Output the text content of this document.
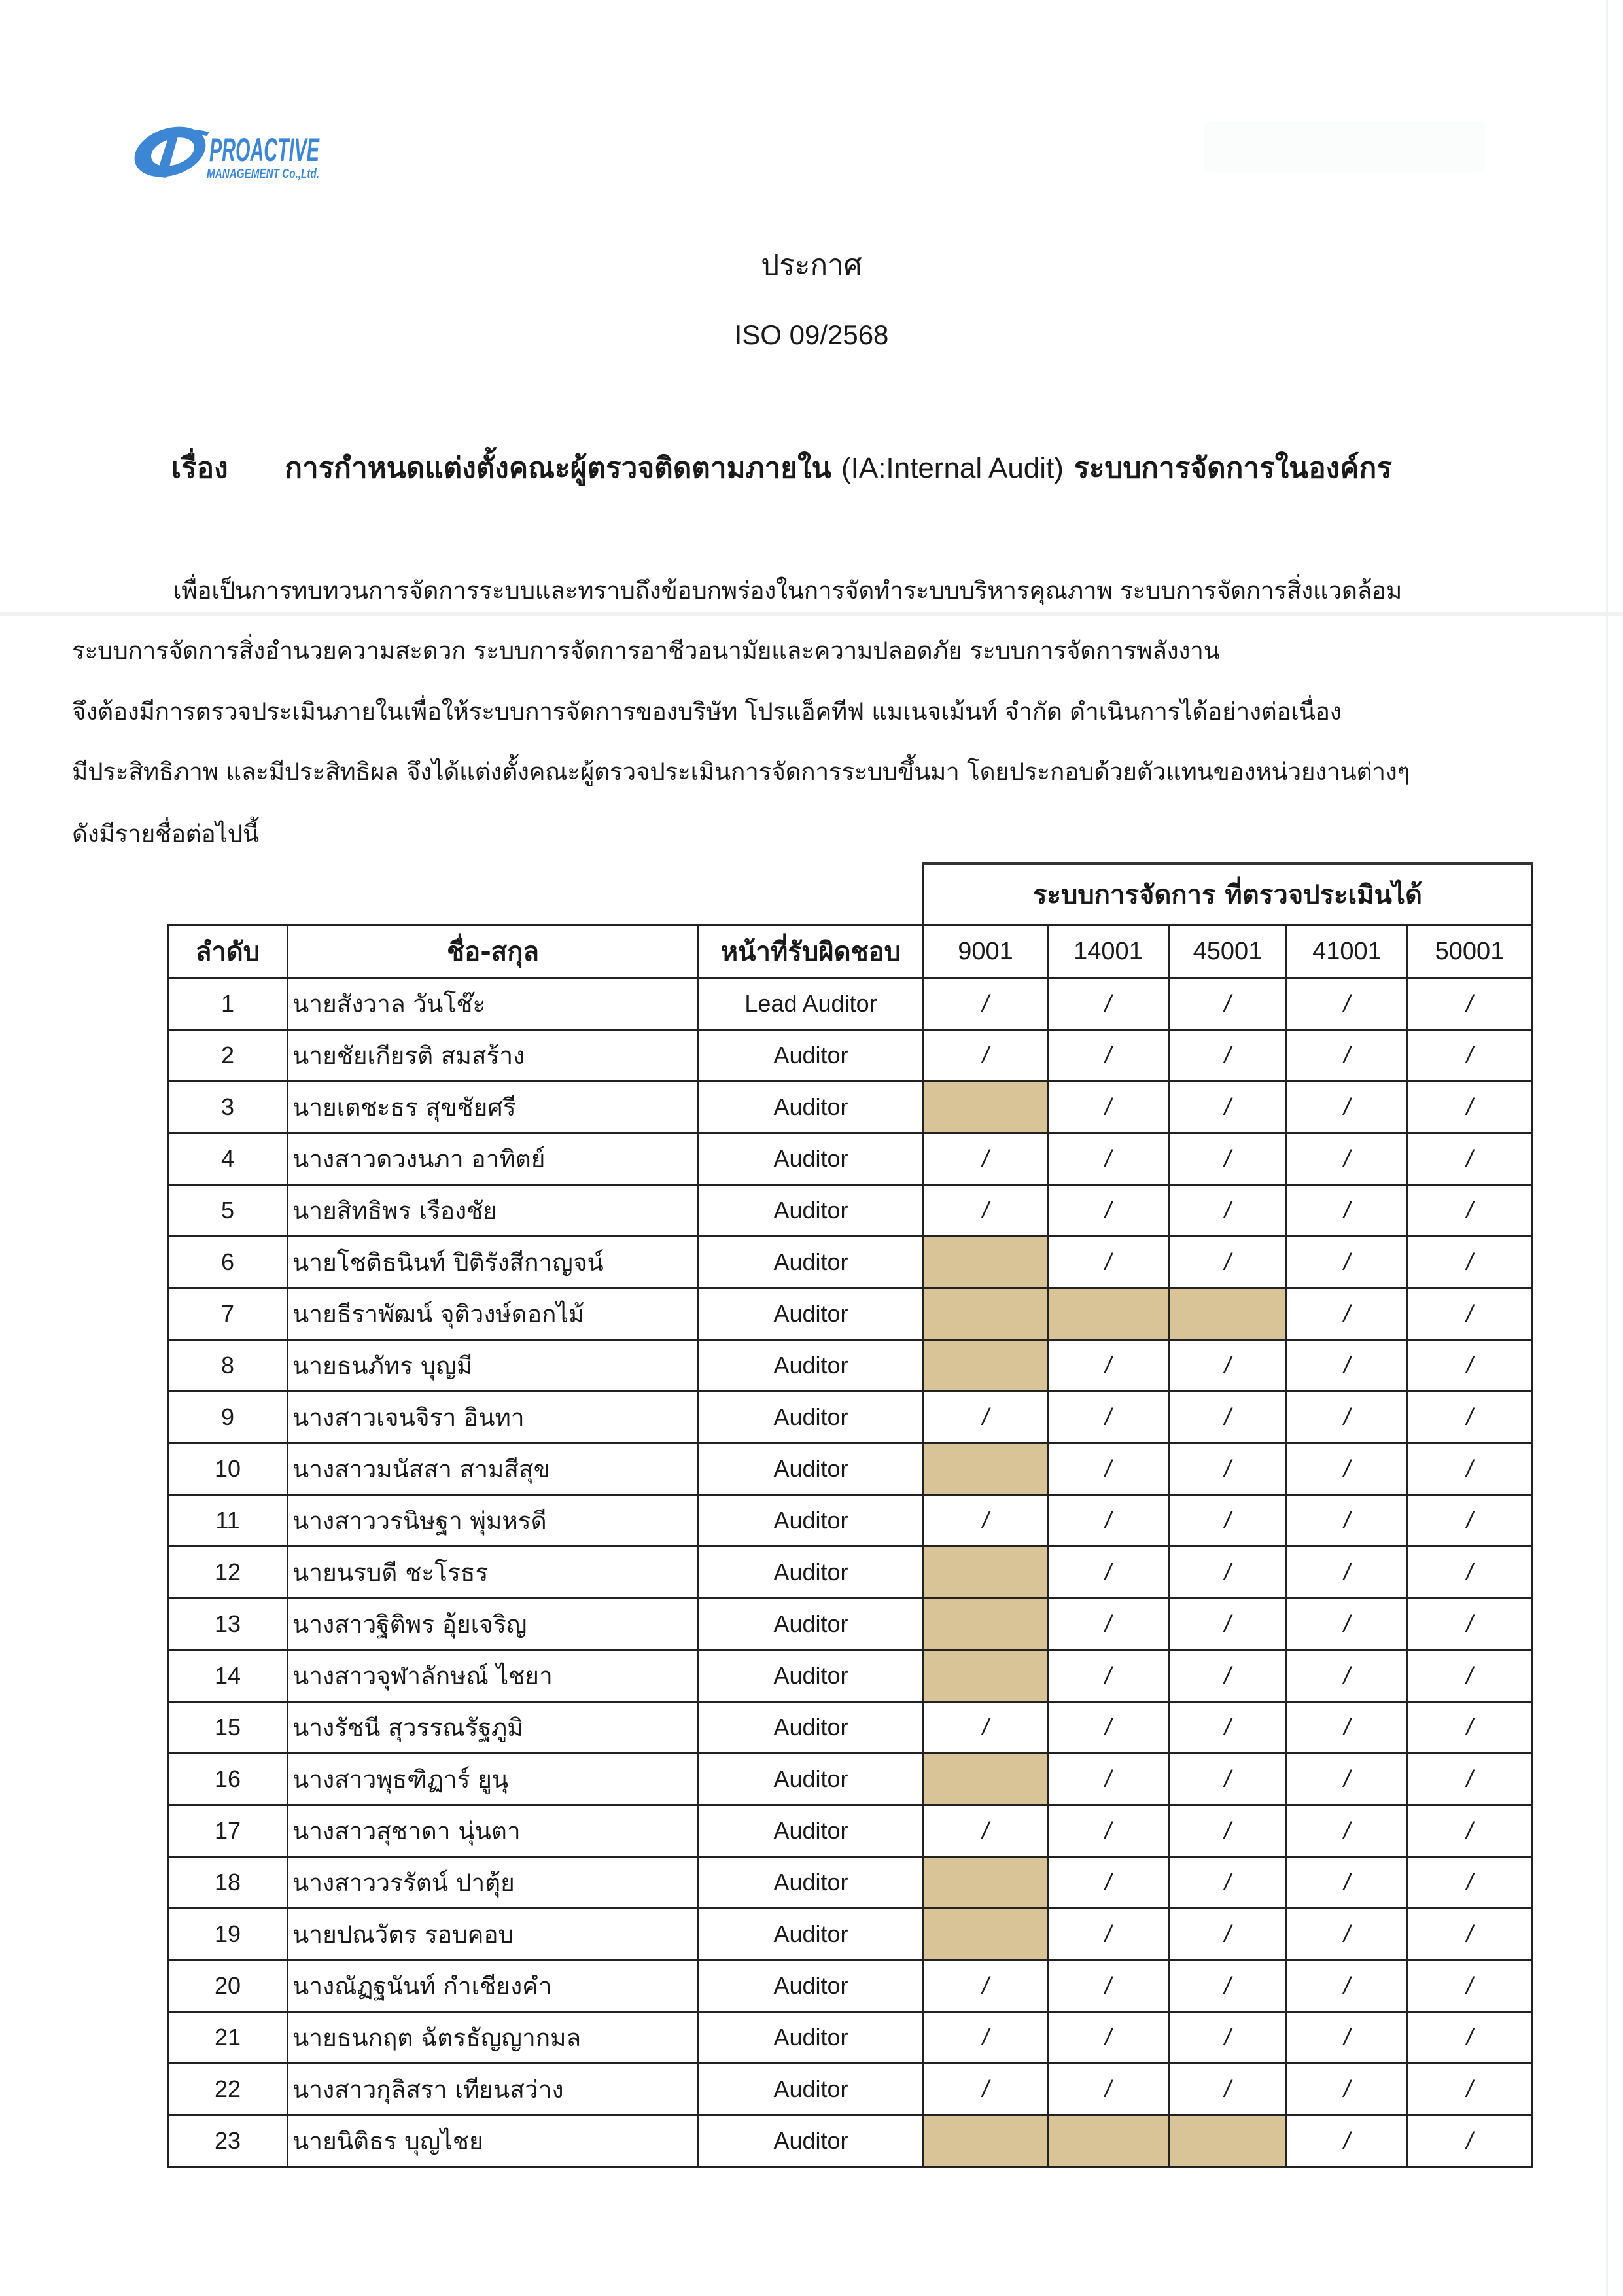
PROACTIVE
MANAGEMENT Co.,Ltd.
ประกาศ
ISO 09/2568
เรื่อง การกำหนดแต่งตั้งคณะผู้ตรวจติดตามภายใน (IA:Internal Audit) ระบบการจัดการในองค์กร
เพื่อเป็นการทบทวนการจัดการระบบและทราบถึงข้อบกพร่องในการจัดทำระบบบริหารคุณภาพ ระบบการจัดการสิ่งแวดล้อม
ระบบการจัดการสิ่งอำนวยความสะดวก ระบบการจัดการอาชีวอนามัยและความปลอดภัย ระบบการจัดการพลังงาน
จึงต้องมีการตรวจประเมินภายในเพื่อให้ระบบการจัดการของบริษัท โปรแอ็คทีฟ แมเนจเม้นท์ จำกัด ดำเนินการได้อย่างต่อเนื่อง
มีประสิทธิภาพ และมีประสิทธิผล จึงได้แต่งตั้งคณะผู้ตรวจประเมินการจัดการระบบขึ้นมา โดยประกอบด้วยตัวแทนของหน่วยงานต่างๆ
ดังมีรายชื่อต่อไปนี้
			ระบบการจัดการ ที่ตรวจประเมินได้				
ลำดับ	ชื่อ-สกุล	หน้าที่รับผิดชอบ	9001	14001	45001	41001	50001
1	นายสังวาล วันโช๊ะ	Lead Auditor	/	/	/	/	/
2	นายชัยเกียรติ สมสร้าง	Auditor	/	/	/	/	/
3	นายเตชะธร สุขชัยศรี	Auditor		/	/	/	/
4	นางสาวดวงนภา อาทิตย์	Auditor	/	/	/	/	/
5	นายสิทธิพร เรืองชัย	Auditor	/	/	/	/	/
6	นายโชติธนินท์ ปิติรังสีกาญจน์	Auditor		/	/	/	/
7	นายธีราพัฒน์ จุติวงษ์ดอกไม้	Auditor				/	/
8	นายธนภัทร บุญมี	Auditor		/	/	/	/
9	นางสาวเจนจิรา อินทา	Auditor	/	/	/	/	/
10	นางสาวมนัสสา สามสีสุข	Auditor		/	/	/	/
11	นางสาววรนิษฐา พุ่มหรดี	Auditor	/	/	/	/	/
12	นายนรบดี ชะโรธร	Auditor		/	/	/	/
13	นางสาวฐิติพร อุ้ยเจริญ	Auditor		/	/	/	/
14	นางสาวจุฬาลักษณ์ ไชยา	Auditor		/	/	/	/
15	นางรัชนี สุวรรณรัฐภูมิ	Auditor	/	/	/	/	/
16	นางสาวพุธฑิฏาร์ ยูนุ	Auditor		/	/	/	/
17	นางสาวสุชาดา นุ่นตา	Auditor	/	/	/	/	/
18	นางสาววรรัตน์ ปาตุ้ย	Auditor		/	/	/	/
19	นายปณวัตร รอบคอบ	Auditor		/	/	/	/
20	นางณัฏฐนันท์ กำเชียงคำ	Auditor	/	/	/	/	/
21	นายธนกฤต ฉัตรธัญญากมล	Auditor	/	/	/	/	/
22	นางสาวกุลิสรา เทียนสว่าง	Auditor	/	/	/	/	/
23	นายนิติธร บุญไชย	Auditor				/	/
